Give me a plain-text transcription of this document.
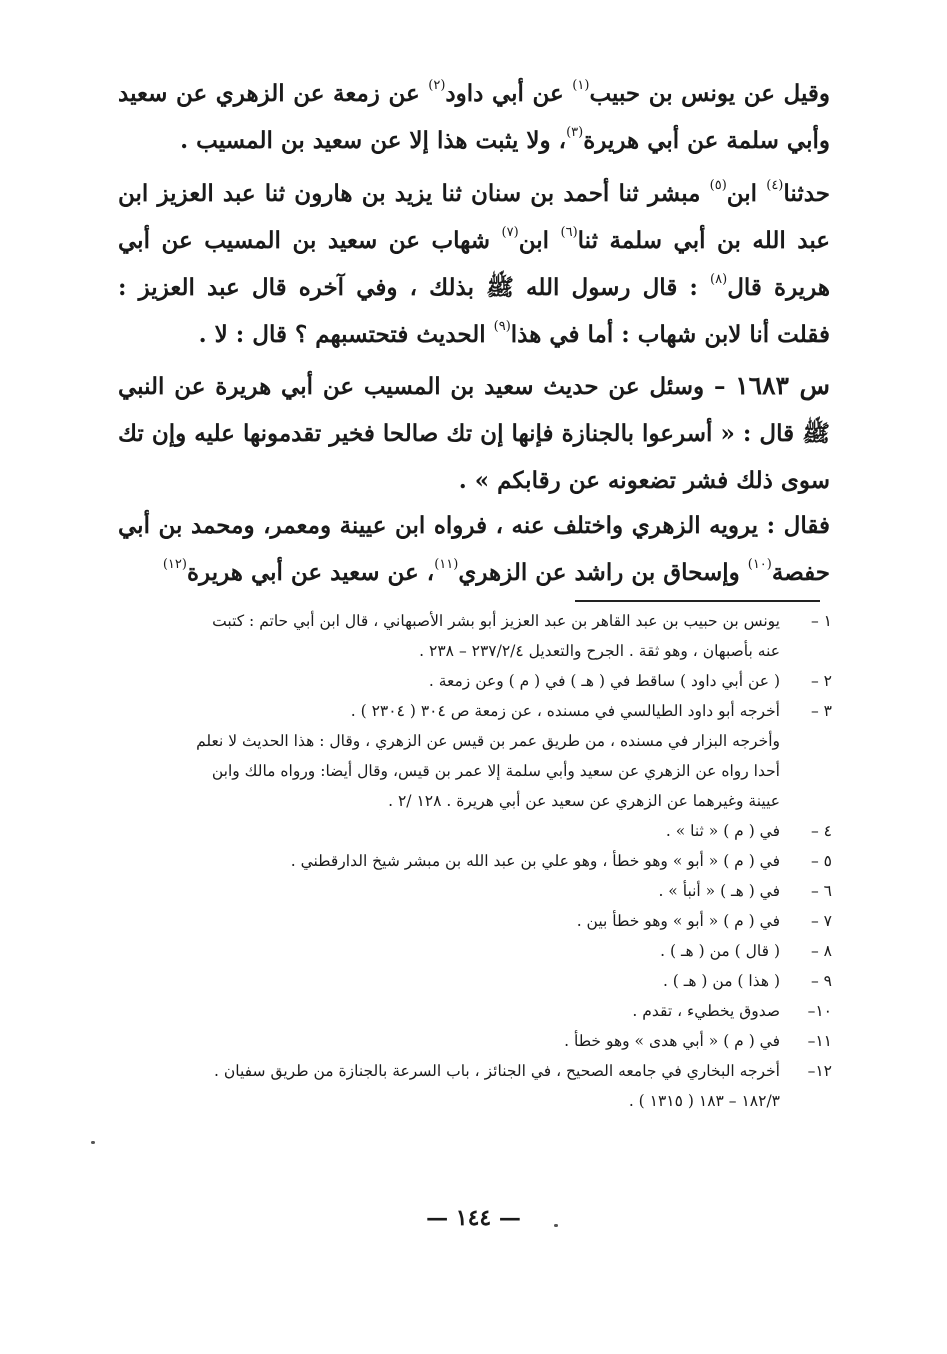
وقيل عن يونس بن حبيب$^{(١)}$ عن أبي داود$^{(٢)}$ عن زمعة عن الزهري عن سعيد وأبي سلمة عن أبي هريرة$^{(٣)}$، ولا يثبت هذا إلا عن سعيد بن المسيب .

حدثنا$^{(٤)}$ ابن$^{(٥)}$ مبشر ثنا أحمد بن سنان ثنا يزيد بن هارون ثنا عبد العزيز ابن عبد الله بن أبي سلمة ثنا$^{(٦)}$ ابن$^{(٧)}$ شهاب عن سعيد بن المسيب عن أبي هريرة قال$^{(٨)}$ : قال رسول الله ﷺ بذلك ، وفي آخره قال عبد العزيز : فقلت أنا لابن شهاب : أما في هذا$^{(٩)}$ الحديث فتحتسبهم ؟ قال : لا .

س ١٦٨٣ – وسئل عن حديث سعيد بن المسيب عن أبي هريرة عن النبي ﷺ قال : « أسرعوا بالجنازة فإنها إن تك صالحا فخير تقدمونها عليه وإن تك سوى ذلك فشر تضعونه عن رقابكم » .

فقال : يرويه الزهري واختلف عنه ، فرواه ابن عيينة ومعمر، ومحمد بن أبي حفصة$^{(١٠)}$ وإسحاق بن راشد عن الزهري$^{(١١)}$، عن سعيد عن أبي هريرة$^{(١٢)}$

١ –
يونس بن حبيب بن عبد القاهر بن عبد العزيز أبو بشر الأصبهاني ، قال ابن أبي حاتم : كتبت
عنه بأصبهان ، وهو ثقة . الجرح والتعديل ٢٣٧/٢/٤ – ٢٣٨ .
٢ –
( عن أبي داود ) ساقط في ( هـ ) في ( م ) وعن زمعة .
٣ –
أخرجه أبو داود الطيالسي في مسنده ، عن زمعة ص ٣٠٤ ( ٢٣٠٤ ) .
وأخرجه البزار في مسنده ، من طريق عمر بن قيس عن الزهري ، وقال : هذا الحديث لا نعلم
أحدا رواه عن الزهري عن سعيد وأبي سلمة إلا عمر بن قيس، وقال أيضا: ورواه مالك وابن
عيينة وغيرهما عن الزهري عن سعيد عن أبي هريرة . ١٢٨ /٢ .
٤ –
في ( م ) « ثنا » .
٥ –
في ( م ) « أبو » وهو خطأ ، وهو علي بن عبد الله بن مبشر شيخ الدارقطني .
٦ –
في ( هـ ) « أنبأ » .
٧ –
في ( م ) « أبو » وهو خطأ بين .
٨ –
( قال ) من ( هـ ) .
٩ –
( هذا ) من ( هـ ) .
١٠–
صدوق يخطيء ، تقدم .
١١–
في ( م ) « أبي هدى » وهو خطأ .
١٢–
أخرجه البخاري في جامعه الصحيح ، في الجنائز ، باب السرعة بالجنازة من طريق سفيان .
١٨٢/٣ – ١٨٣ ( ١٣١٥ ) .
— ١٤٤ —
